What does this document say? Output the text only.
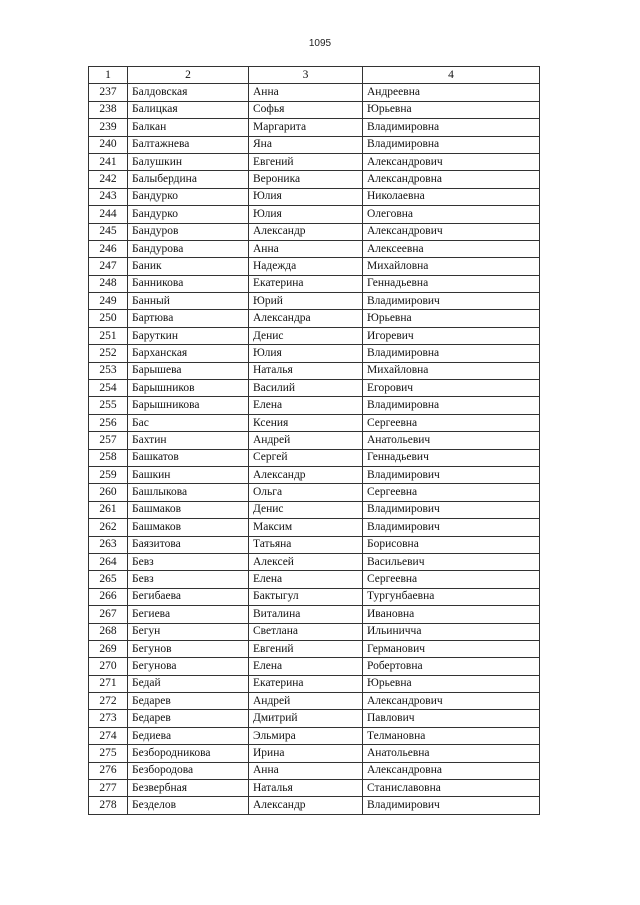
1095
1	2	3	4
237	Балдовская	Анна	Андреевна
238	Балицкая	Софья	Юрьевна
239	Балкан	Маргарита	Владимировна
240	Балтажнева	Яна	Владимировна
241	Балушкин	Евгений	Александрович
242	Балыбердина	Вероника	Александровна
243	Бандурко	Юлия	Николаевна
244	Бандурко	Юлия	Олеговна
245	Бандуров	Александр	Александрович
246	Бандурова	Анна	Алексеевна
247	Баник	Надежда	Михайловна
248	Банникова	Екатерина	Геннадьевна
249	Банный	Юрий	Владимирович
250	Бартюва	Александра	Юрьевна
251	Баруткин	Денис	Игоревич
252	Барханская	Юлия	Владимировна
253	Барышева	Наталья	Михайловна
254	Барышников	Василий	Егорович
255	Барышникова	Елена	Владимировна
256	Бас	Ксения	Сергеевна
257	Бахтин	Андрей	Анатольевич
258	Башкатов	Сергей	Геннадьевич
259	Башкин	Александр	Владимирович
260	Башлыкова	Ольга	Сергеевна
261	Башмаков	Денис	Владимирович
262	Башмаков	Максим	Владимирович
263	Баязитова	Татьяна	Борисовна
264	Бевз	Алексей	Васильевич
265	Бевз	Елена	Сергеевна
266	Бегибаева	Бактыгул	Тургунбаевна
267	Бегиева	Виталина	Ивановна
268	Бегун	Светлана	Ильиничча
269	Бегунов	Евгений	Германович
270	Бегунова	Елена	Робертовна
271	Бедай	Екатерина	Юрьевна
272	Бедарев	Андрей	Александрович
273	Бедарев	Дмитрий	Павлович
274	Бедиева	Эльмира	Телмановна
275	Безбородникова	Ирина	Анатольевна
276	Безбородова	Анна	Александровна
277	Безвербная	Наталья	Станиславовна
278	Безделов	Александр	Владимирович
